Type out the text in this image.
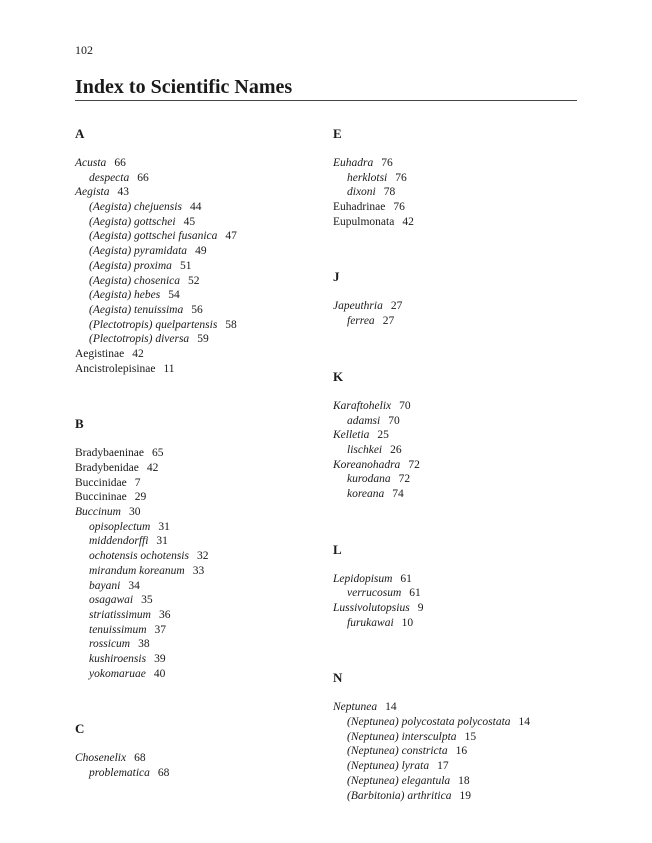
102
Index to Scientific Names
A
Acusta 66
despecta 66
Aegista 43
(Aegista) chejuensis 44
(Aegista) gottschei 45
(Aegista) gottschei fusanica 47
(Aegista) pyramidata 49
(Aegista) proxima 51
(Aegista) chosenica 52
(Aegista) hebes 54
(Aegista) tenuissima 56
(Plectotropis) quelpartensis 58
(Plectotropis) diversa 59
Aegistinae 42
Ancistrolepisinae 11
B
Bradybaeninae 65
Bradybenidae 42
Buccinidae 7
Buccininae 29
Buccinum 30
opisoplectum 31
middendorffi 31
ochotensis ochotensis 32
mirandum koreanum 33
bayani 34
osagawai 35
striatissimum 36
tenuissimum 37
rossicum 38
kushiroensis 39
yokomaruae 40
C
Chosenelix 68
problematica 68
E
Euhadra 76
herklotsi 76
dixoni 78
Euhadrinae 76
Eupulmonata 42
J
Japeuthria 27
ferrea 27
K
Karaftohelix 70
adamsi 70
Kelletia 25
lischkei 26
Koreanohadra 72
kurodana 72
koreana 74
L
Lepidopisum 61
verrucosum 61
Lussivolutopsius 9
furukawai 10
N
Neptunea 14
(Neptunea) polycostata polycostata 14
(Neptunea) intersculpta 15
(Neptunea) constricta 16
(Neptunea) lyrata 17
(Neptunea) elegantula 18
(Barbitonia) arthritica 19
